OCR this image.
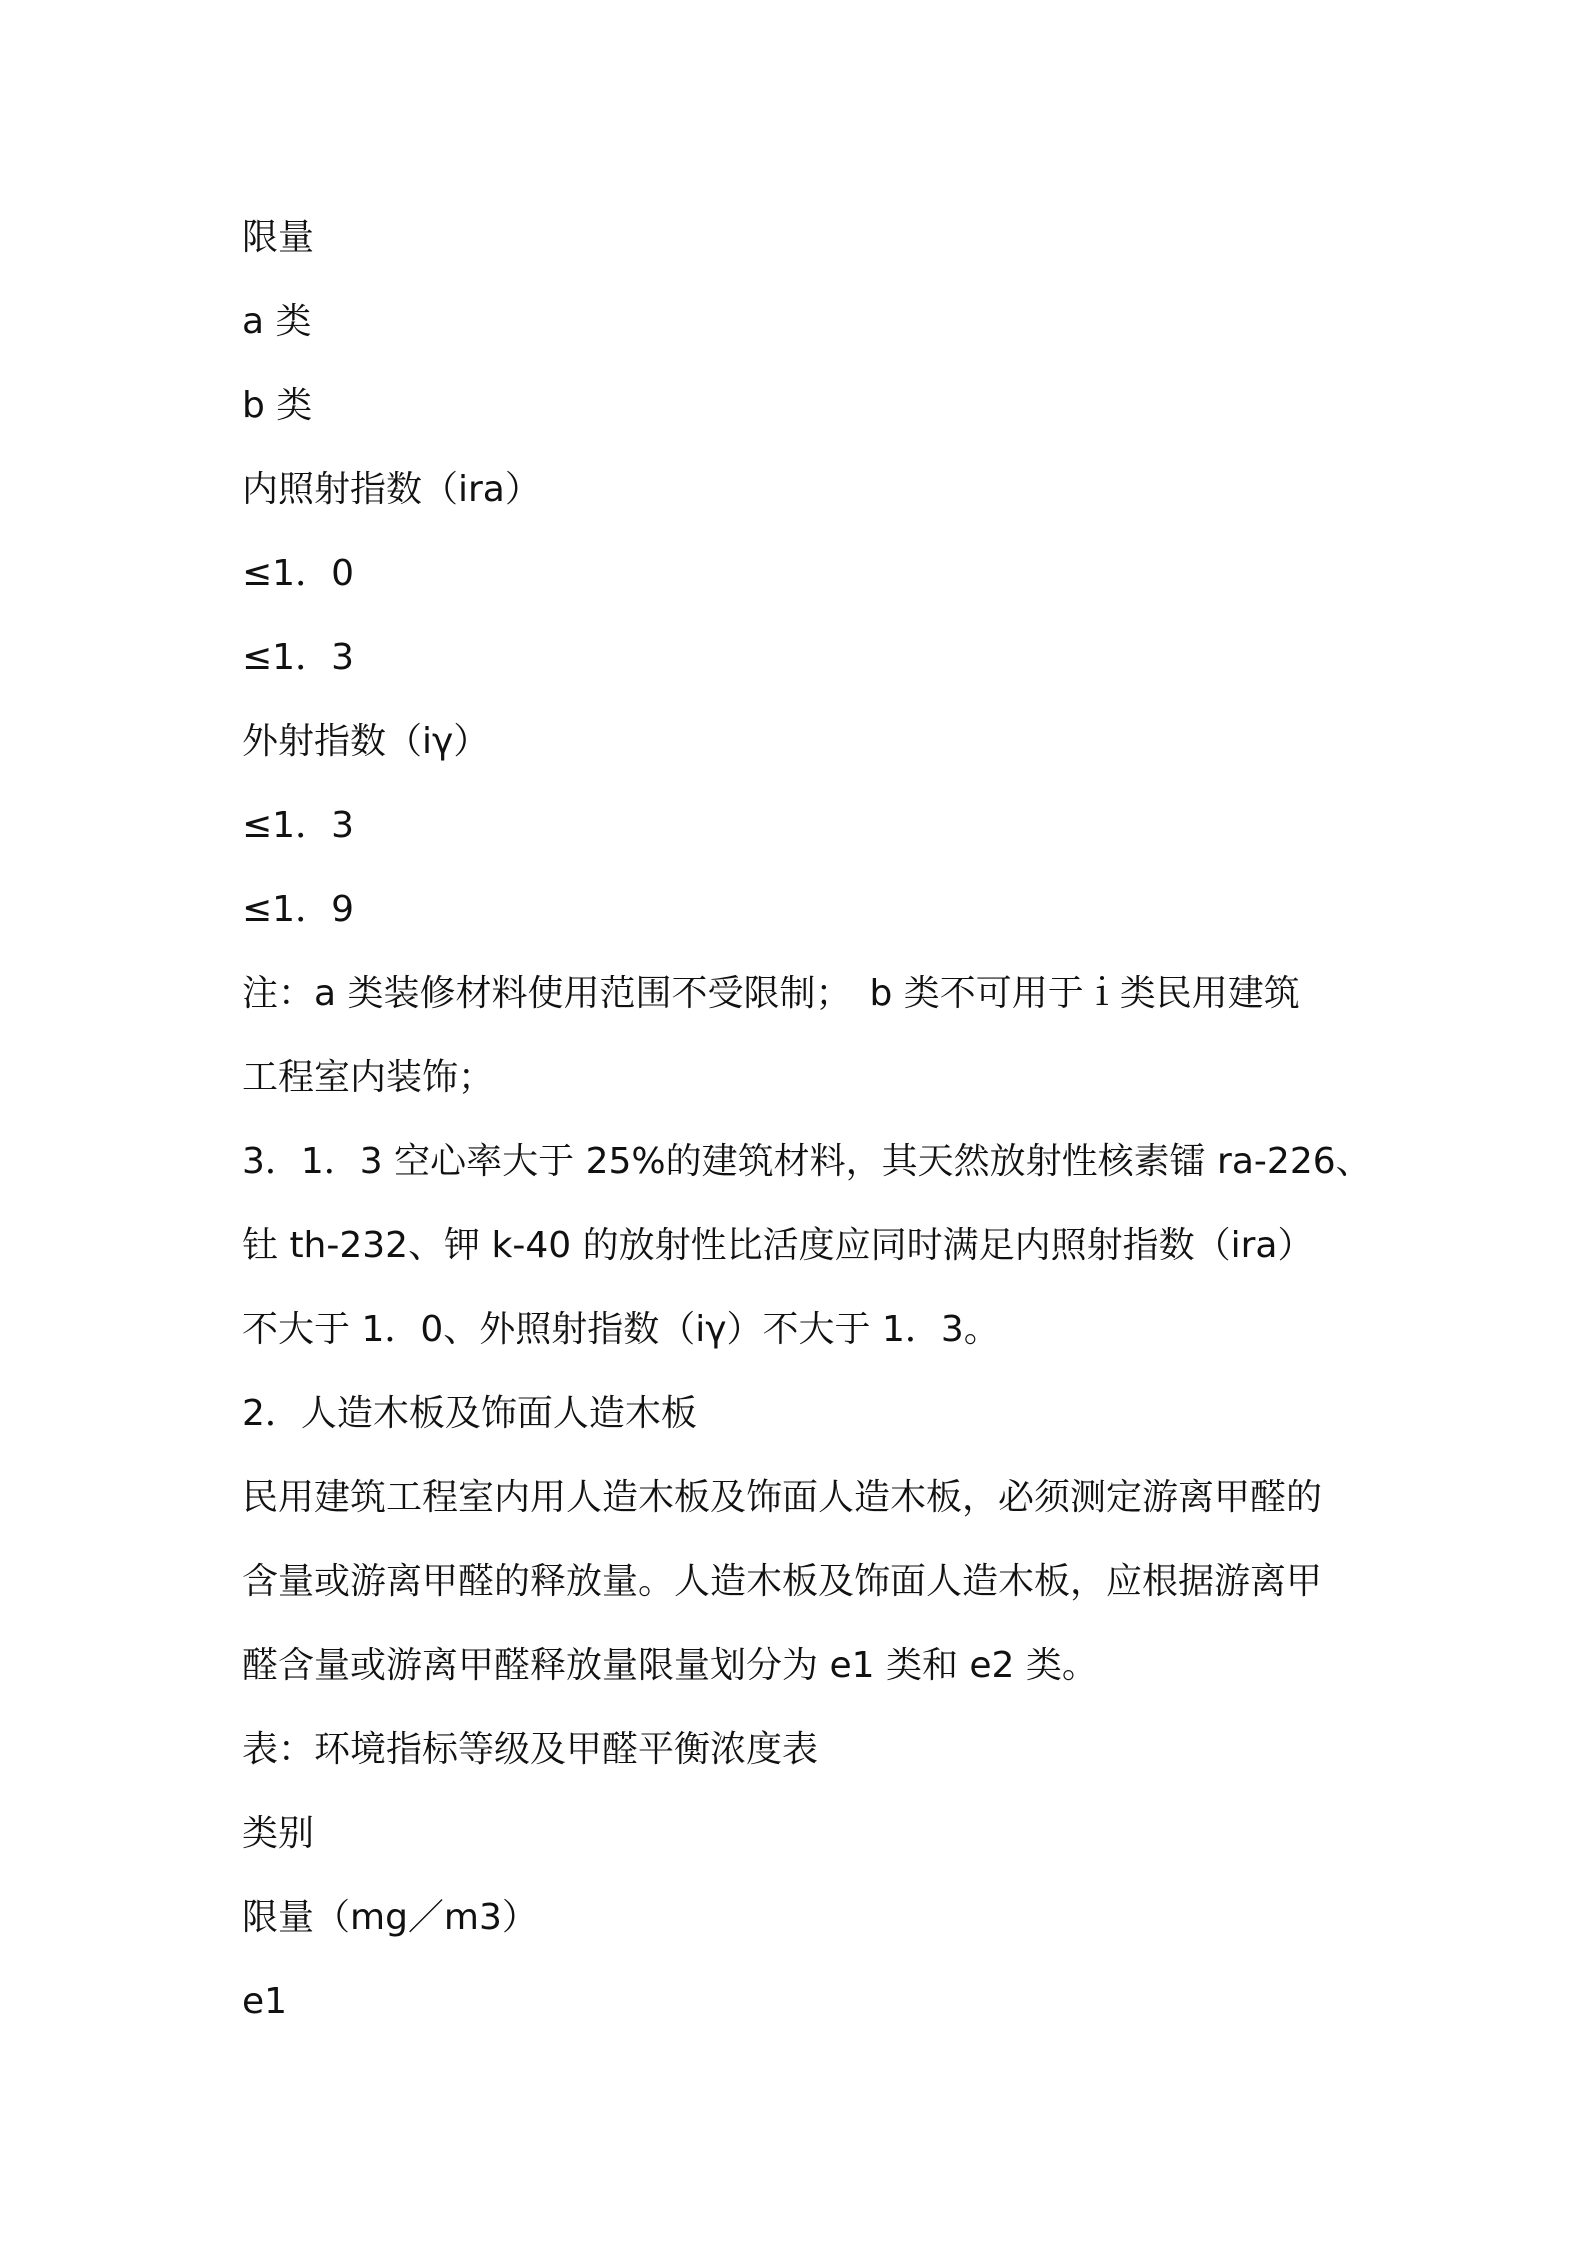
限量

a 类

b 类

内照射指数（ira）

≤1．0

≤1．3

外射指数（iγ）

≤1．3

≤1．9

注：a 类装修材料使用范围不受限制；　b 类不可用于ｉ类民用建筑

工程室内装饰；

3．1．3 空心率大于 25%的建筑材料，其天然放射性核素镭 ra-226、

钍 th-232、钾 k-40 的放射性比活度应同时满足内照射指数（ira）

不大于 1．0、外照射指数（iγ）不大于 1．3。

2．人造木板及饰面人造木板

民用建筑工程室内用人造木板及饰面人造木板，必须测定游离甲醛的

含量或游离甲醛的释放量。人造木板及饰面人造木板，应根据游离甲

醛含量或游离甲醛释放量限量划分为 e1 类和 e2 类。

表：环境指标等级及甲醛平衡浓度表

类别

限量（mg／m3）

e1
